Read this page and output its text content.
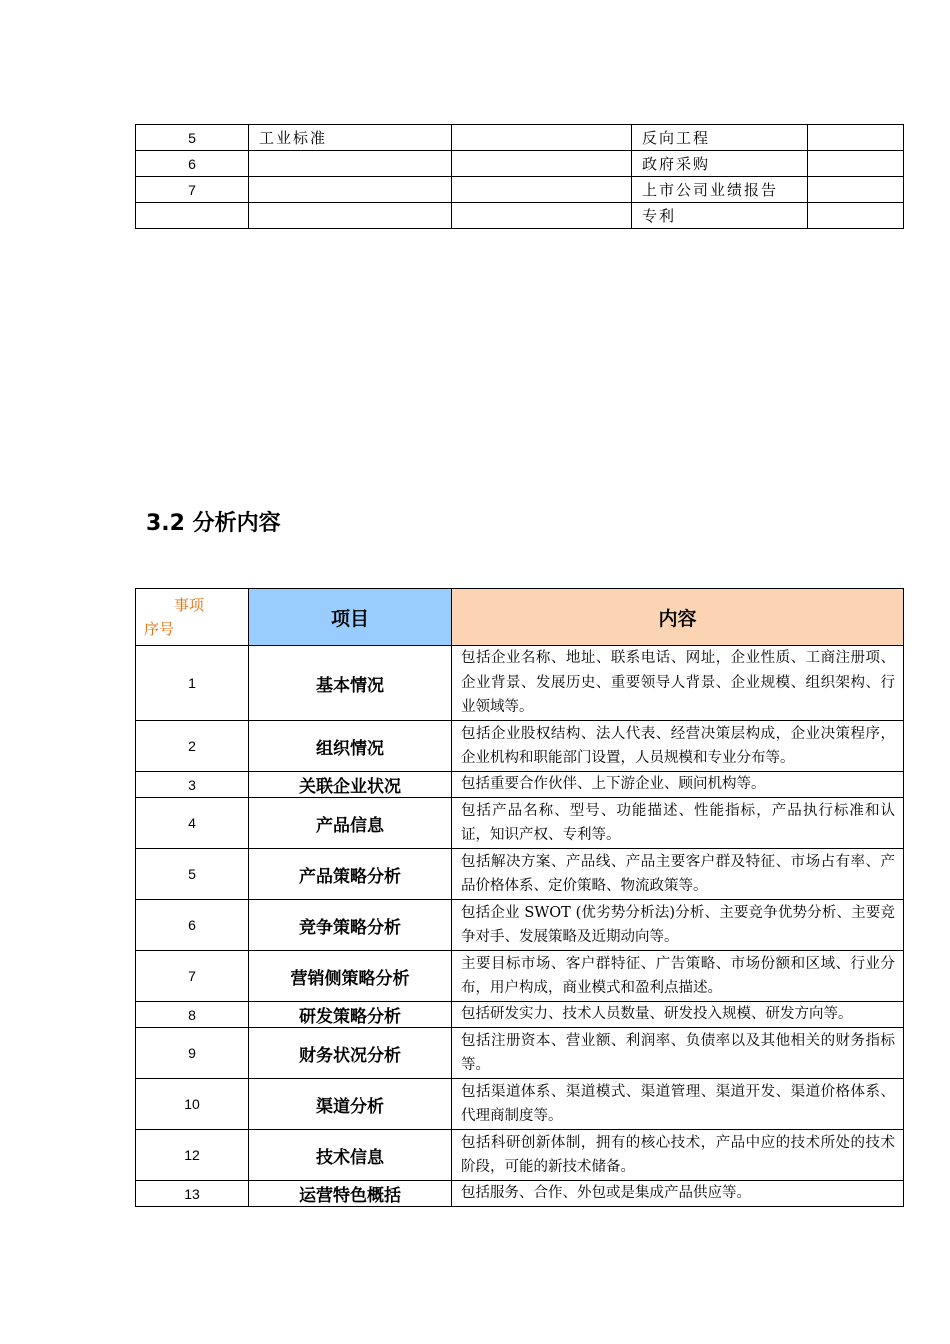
5	工业标准		反向工程	
6			政府采购	
7			上市公司业绩报告	
			专利	
3.2 分析内容
事项
序号	项目	内容
1	基本情况	包括企业名称、地址、联系电话、网址，企业性质、工商注册项、企业背景、发展历史、重要领导人背景、企业规模、组织架构、行业领域等。
2	组织情况	包括企业股权结构、法人代表、经营决策层构成，企业决策程序，企业机构和职能部门设置，人员规模和专业分布等。
3	关联企业状况	包括重要合作伙伴、上下游企业、顾问机构等。
4	产品信息	包括产品名称、型号、功能描述、性能指标，产品执行标准和认证，知识产权、专利等。
5	产品策略分析	包括解决方案、产品线、产品主要客户群及特征、市场占有率、产品价格体系、定价策略、物流政策等。
6	竞争策略分析	包括企业 SWOT (优劣势分析法)分析、主要竞争优势分析、主要竞争对手、发展策略及近期动向等。
7	营销侧策略分析	主要目标市场、客户群特征、广告策略、市场份额和区域、行业分布，用户构成，商业模式和盈利点描述。
8	研发策略分析	包括研发实力、技术人员数量、研发投入规模、研发方向等。
9	财务状况分析	包括注册资本、营业额、利润率、负债率以及其他相关的财务指标等。
10	渠道分析	包括渠道体系、渠道模式、渠道管理、渠道开发、渠道价格体系、代理商制度等。
12	技术信息	包括科研创新体制，拥有的核心技术，产品中应的技术所处的技术阶段，可能的新技术储备。
13	运营特色概括	包括服务、合作、外包或是集成产品供应等。
